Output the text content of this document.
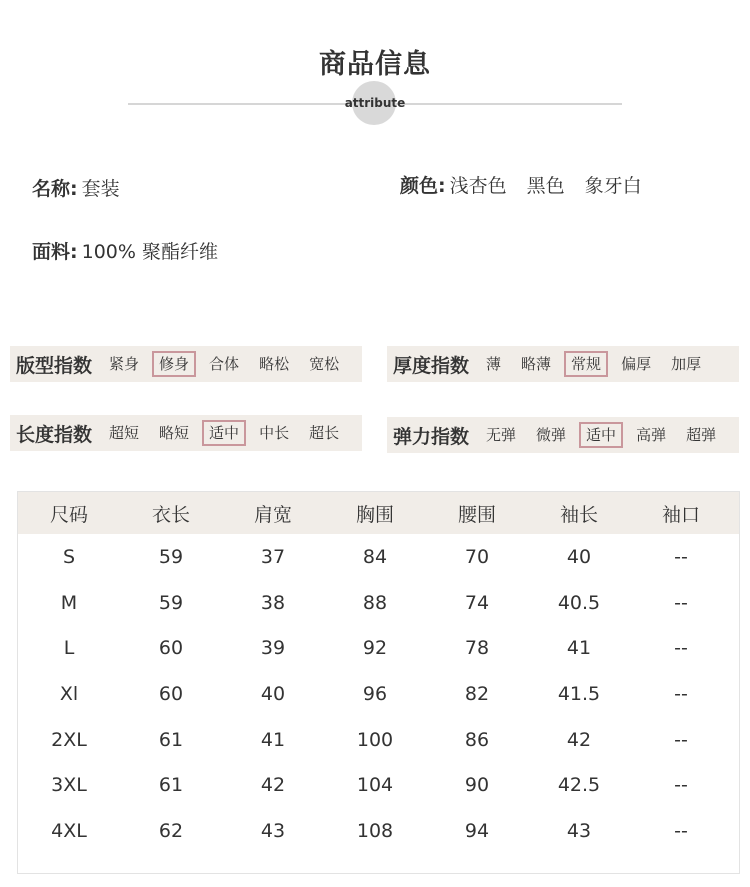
商品信息
attribute
名称: 套装	颜色: 浅杏色 黑色 象牙白
面料: 100% 聚酯纤维
版型指数	紧身	修身	合体	略松	宽松	厚度指数	薄	略薄	常规	偏厚	加厚
长度指数	超短	略短	适中	中长	超长	弹力指数	无弹	微弹	适中	高弹	超弹
尺码	衣长	肩宽	胸围	腰围	袖长	袖口
S	59	37	84	70	40	--
M	59	38	88	74	40.5	--
L	60	39	92	78	41	--
Xl	60	40	96	82	41.5	--
2XL	61	41	100	86	42	--
3XL	61	42	104	90	42.5	--
4XL	62	43	108	94	43	--
